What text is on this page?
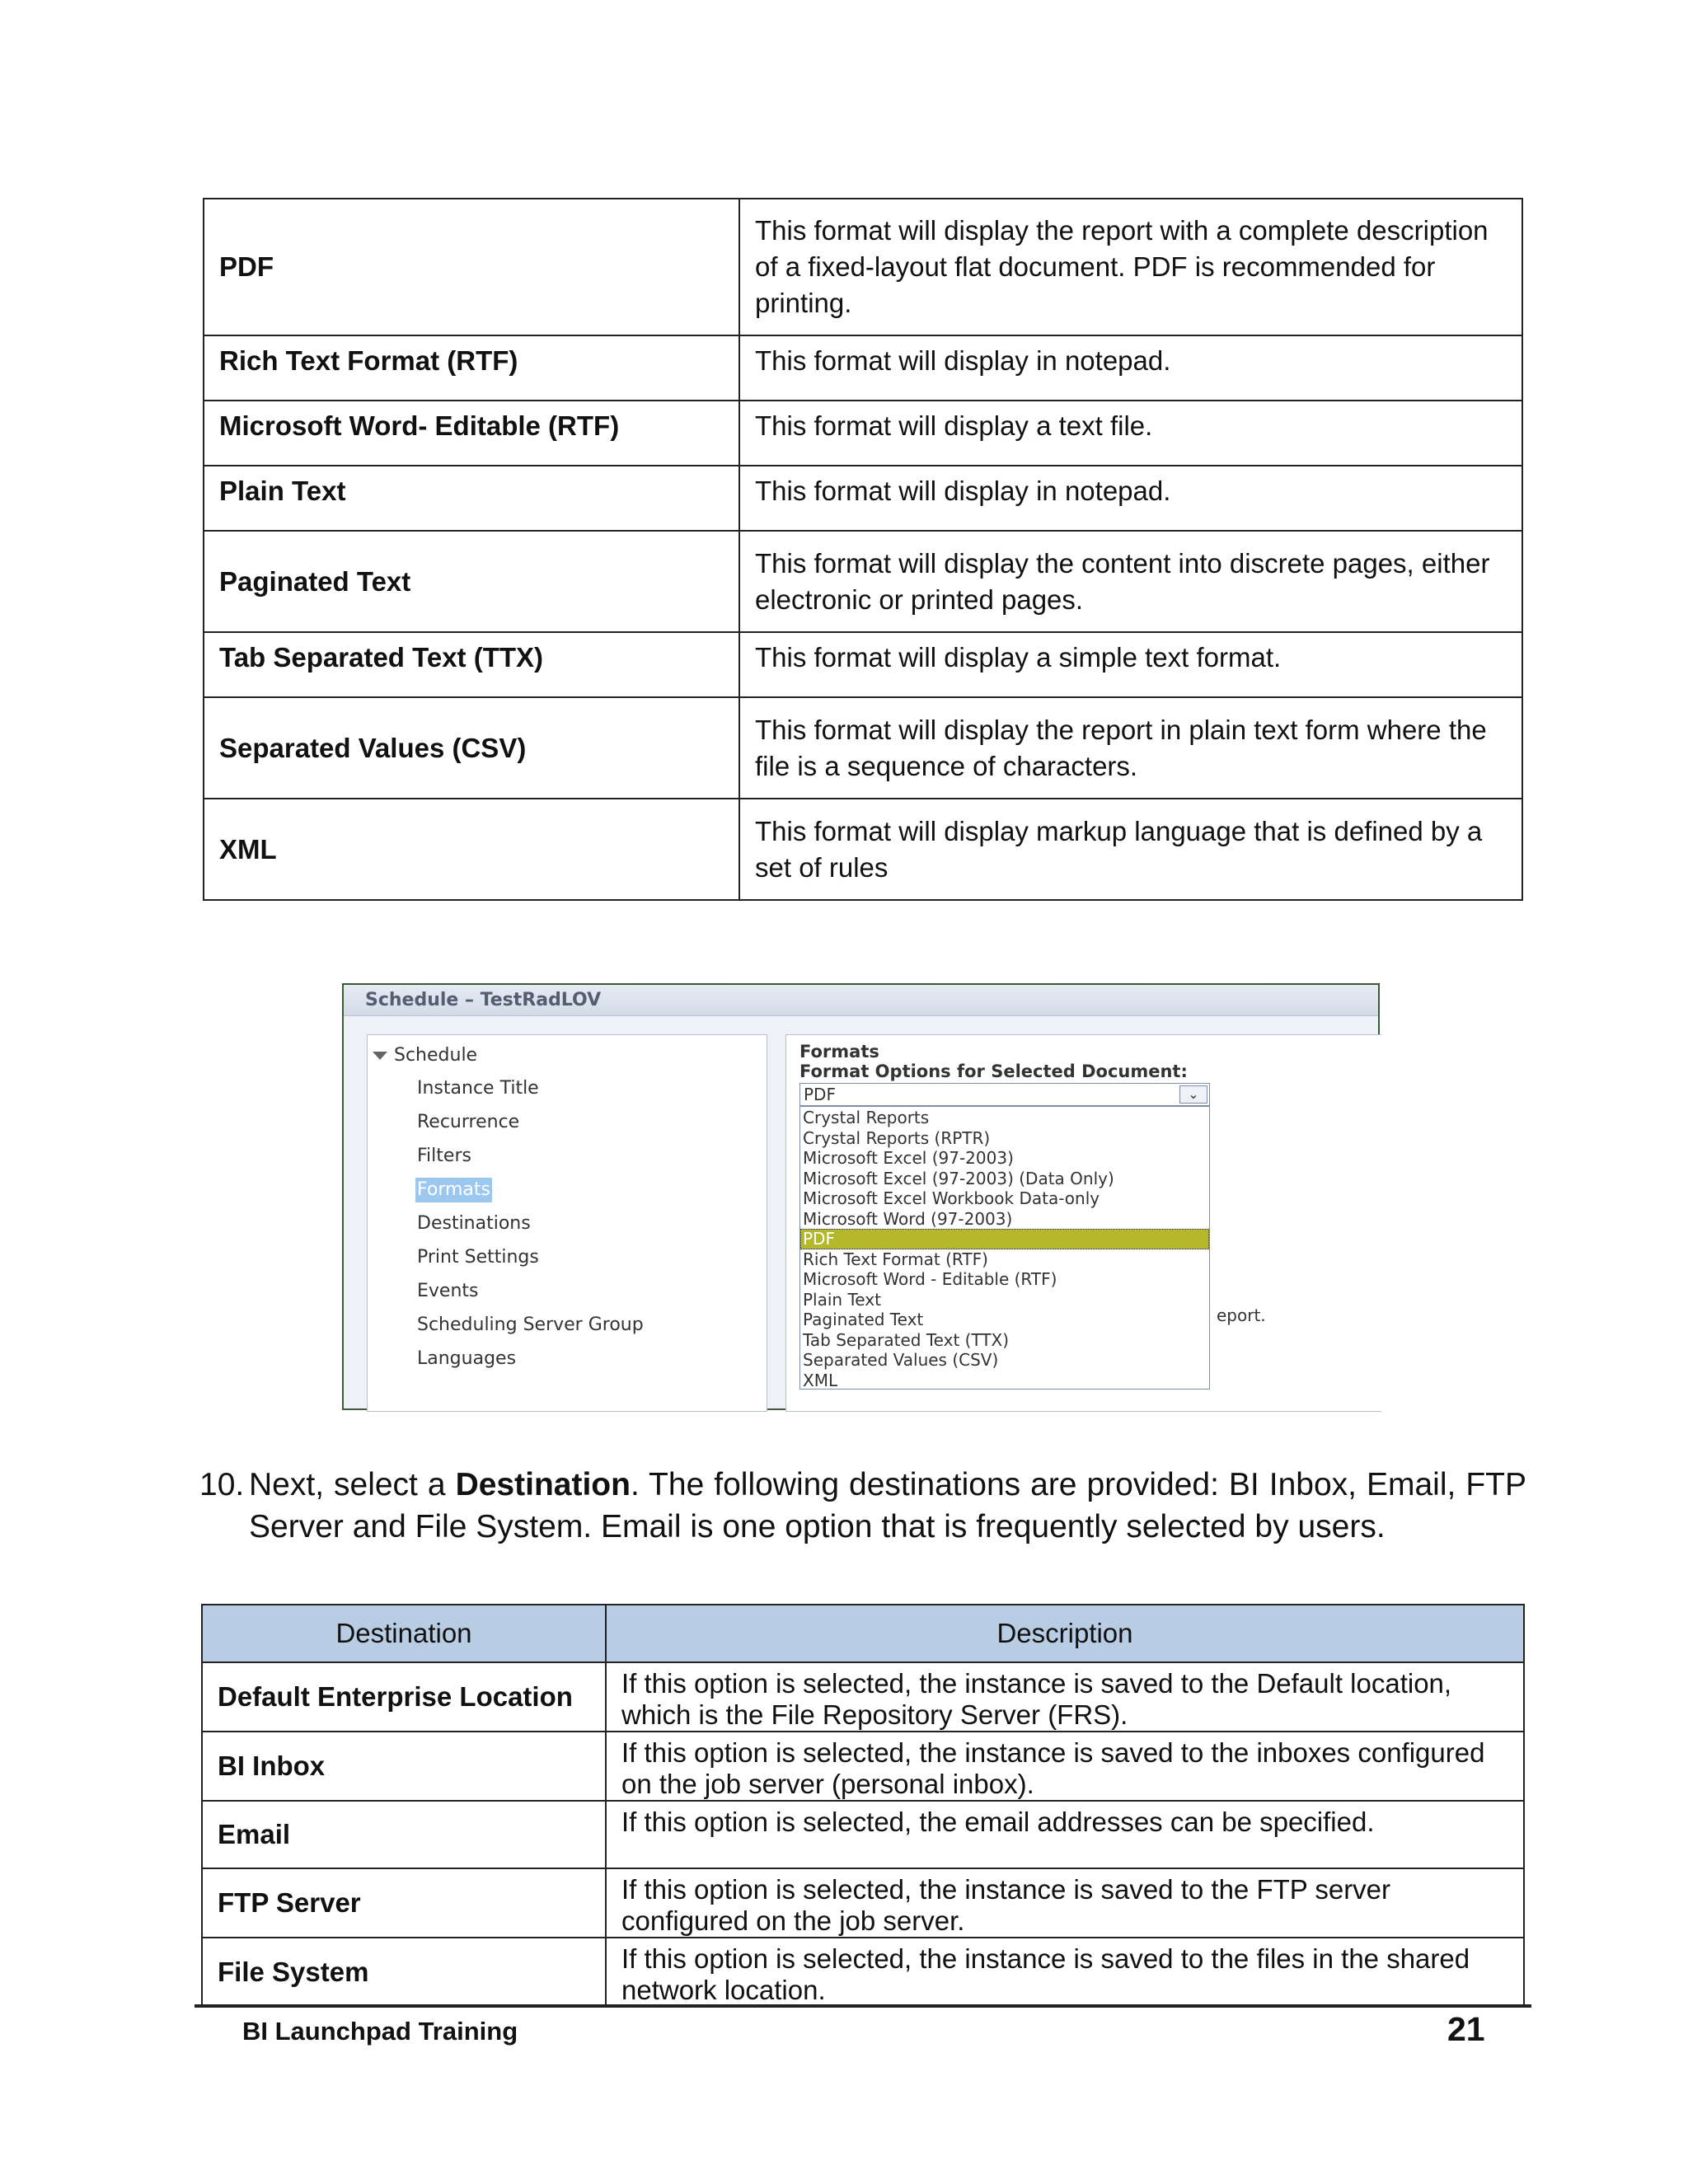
PDF	This format will display the report with a complete description of a fixed-layout flat document. PDF is recommended for printing.
Rich Text Format (RTF)	This format will display in notepad.
Microsoft Word- Editable (RTF)	This format will display a text file.
Plain Text	This format will display in notepad.
Paginated Text	This format will display the content into discrete pages, either electronic or printed pages.
Tab Separated Text (TTX)	This format will display a simple text format.
Separated Values (CSV)	This format will display the report in plain text form where the file is a sequence of characters.
XML	This format will display markup language that is defined by a set of rules
Schedule – TestRadLOV
Schedule
Instance Title
Recurrence
Filters
Formats
Destinations
Print Settings
Events
Scheduling Server Group
Languages
Formats
Format Options for Selected Document:
PDF	⌄
Crystal Reports
Crystal Reports (RPTR)
Microsoft Excel (97-2003)
Microsoft Excel (97-2003) (Data Only)
Microsoft Excel Workbook Data-only
Microsoft Word (97-2003)
PDF
Rich Text Format (RTF)
Microsoft Word - Editable (RTF)
Plain Text
Paginated Text
Tab Separated Text (TTX)
Separated Values (CSV)
XML
eport.
10. Next, select a Destination. The following destinations are provided: BI Inbox, Email, FTP Server and File System. Email is one option that is frequently selected by users.
Destination	Description
Default Enterprise Location	If this option is selected, the instance is saved to the Default location, which is the File Repository Server (FRS).
BI Inbox	If this option is selected, the instance is saved to the inboxes configured on the job server (personal inbox).
Email	If this option is selected, the email addresses can be specified.
FTP Server	If this option is selected, the instance is saved to the FTP server configured on the job server.
File System	If this option is selected, the instance is saved to the files in the shared network location.
BI Launchpad Training	21
